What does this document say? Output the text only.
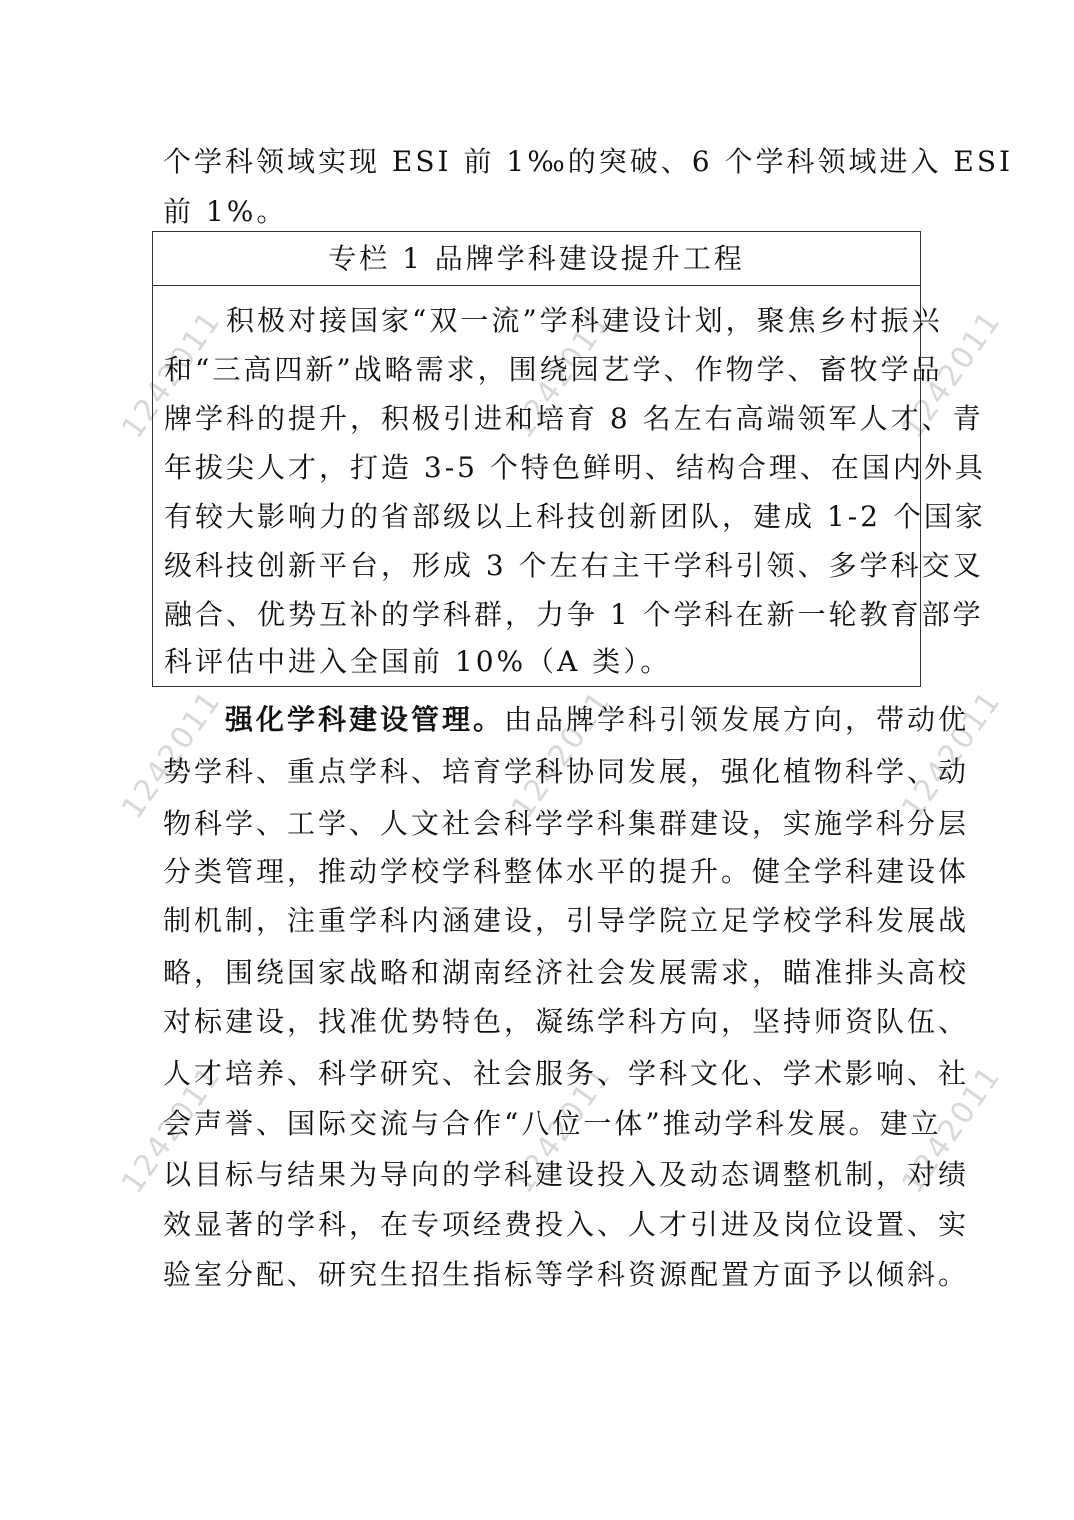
1242011	1242011	1242011
1242011	1242011	1242011
1242011	1242011	1242011
个学科领域实现 ESI 前 1‰的突破、6 个学科领域进入 ESI
前 1%。
专栏 1 品牌学科建设提升工程
　　积极对接国家“双一流”学科建设计划，聚焦乡村振兴
和“三高四新”战略需求，围绕园艺学、作物学、畜牧学品
牌学科的提升，积极引进和培育 8 名左右高端领军人才、青
年拔尖人才，打造 3-5 个特色鲜明、结构合理、在国内外具
有较大影响力的省部级以上科技创新团队，建成 1-2 个国家
级科技创新平台，形成 3 个左右主干学科引领、多学科交叉
融合、优势互补的学科群，力争 1 个学科在新一轮教育部学
科评估中进入全国前 10%（A 类）。
　　强化学科建设管理。由品牌学科引领发展方向，带动优
势学科、重点学科、培育学科协同发展，强化植物科学、动
物科学、工学、人文社会科学学科集群建设，实施学科分层
分类管理，推动学校学科整体水平的提升。健全学科建设体
制机制，注重学科内涵建设，引导学院立足学校学科发展战
略，围绕国家战略和湖南经济社会发展需求，瞄准排头高校
对标建设，找准优势特色，凝练学科方向，坚持师资队伍、
人才培养、科学研究、社会服务、学科文化、学术影响、社
会声誉、国际交流与合作“八位一体”推动学科发展。建立
以目标与结果为导向的学科建设投入及动态调整机制，对绩
效显著的学科，在专项经费投入、人才引进及岗位设置、实
验室分配、研究生招生指标等学科资源配置方面予以倾斜。
